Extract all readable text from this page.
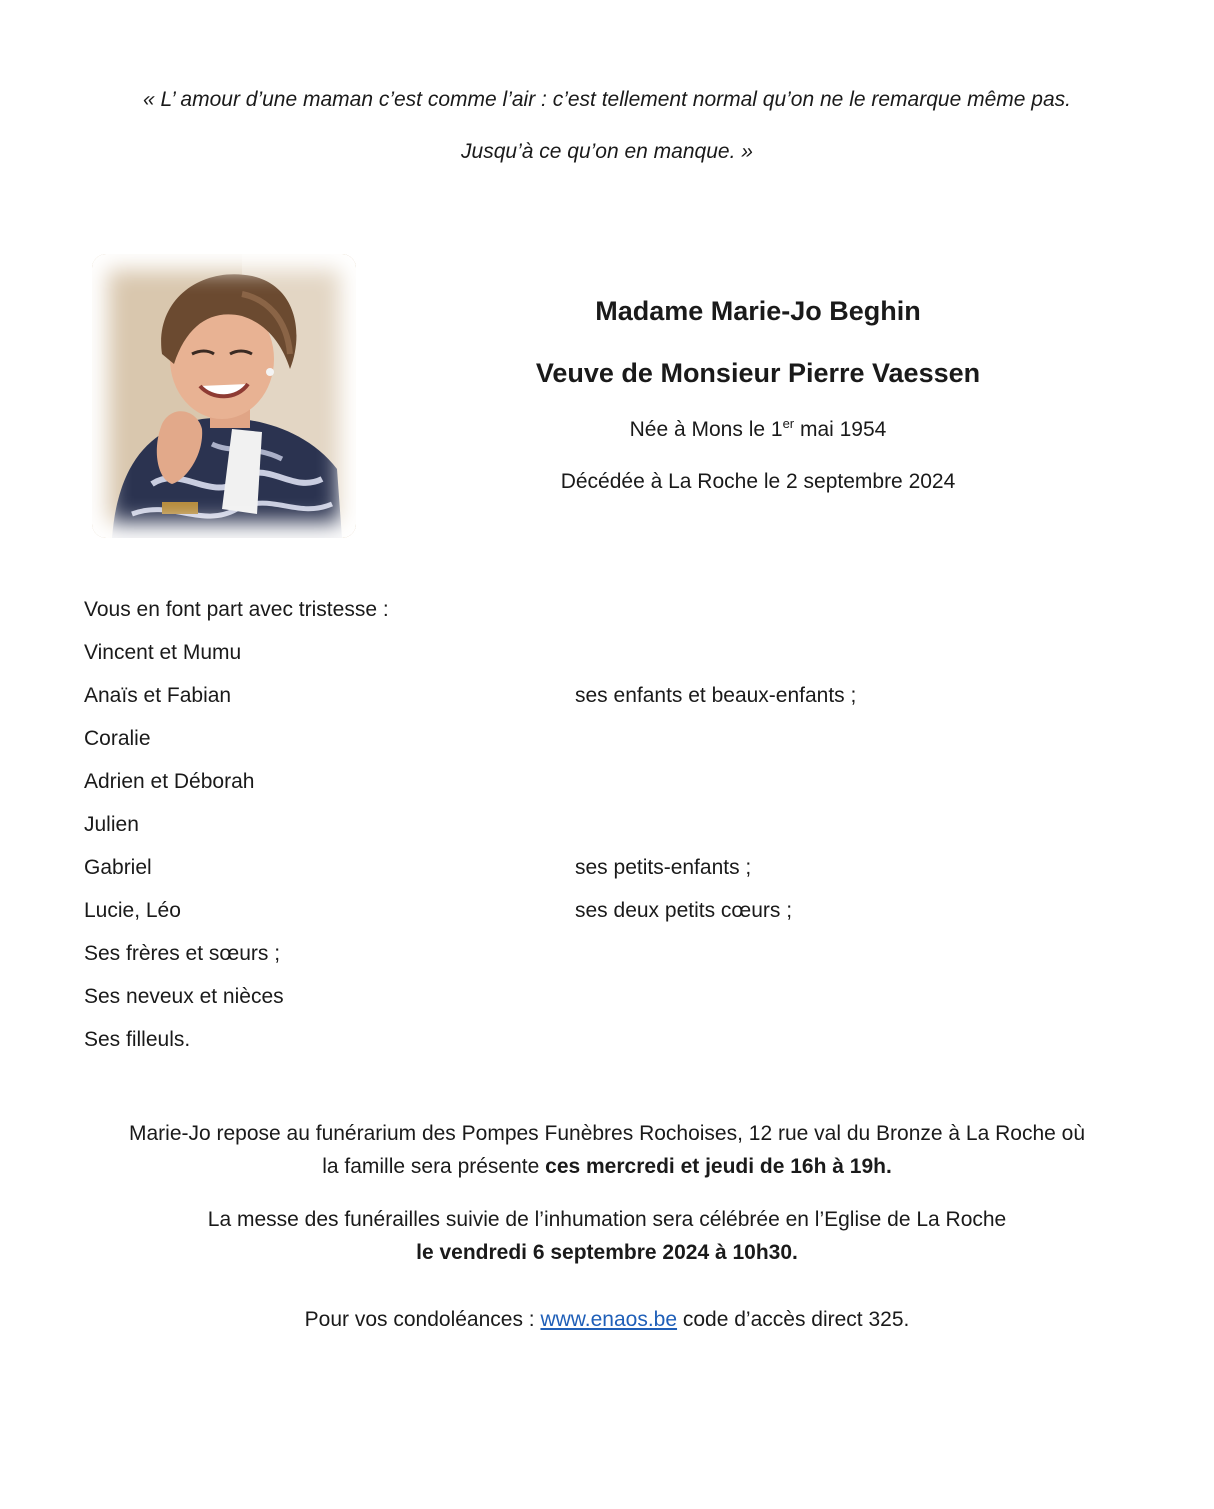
« L’ amour d’une maman c’est comme l’air : c’est tellement normal qu’on ne le remarque même pas.
Jusqu’à ce qu’on en manque. »
Madame Marie-Jo Beghin
Veuve de Monsieur Pierre Vaessen
Née à Mons le 1er mai 1954
Décédée à La Roche le 2 septembre 2024
Vous en font part avec tristesse :
Vincent et Mumu
Anaïs et Fabian	ses enfants et beaux-enfants ;
Coralie
Adrien et Déborah
Julien
Gabriel	ses petits-enfants ;
Lucie, Léo	ses deux petits cœurs ;
Ses frères et sœurs ;
Ses neveux et nièces
Ses filleuls.
Marie-Jo repose au funérarium des Pompes Funèbres Rochoises, 12 rue val du Bronze à La Roche où
la famille sera présente ces mercredi et jeudi de 16h à 19h.
La messe des funérailles suivie de l’inhumation sera célébrée en l’Eglise de La Roche
le vendredi 6 septembre 2024 à 10h30.
Pour vos condoléances : www.enaos.be code d’accès direct 325.
